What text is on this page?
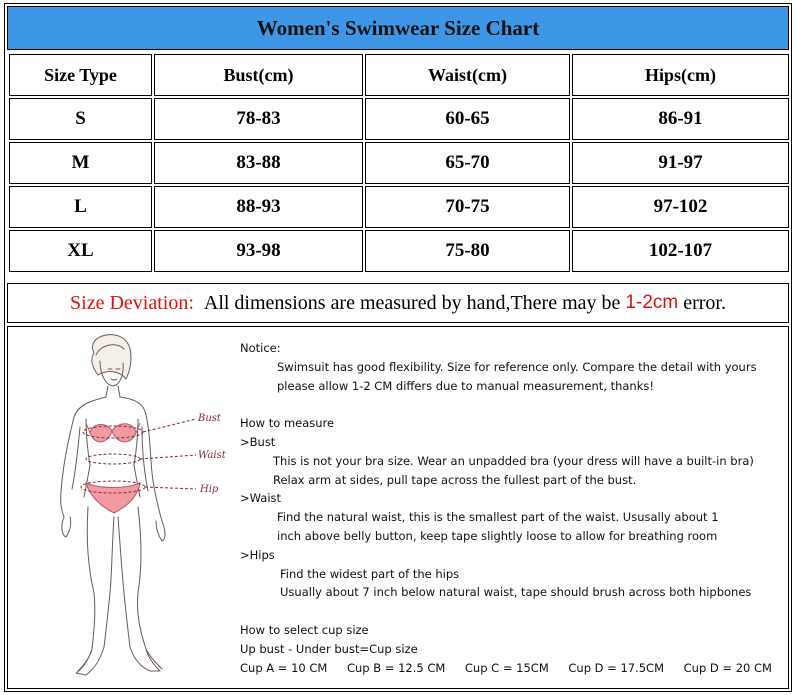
Women's Swimwear Size Chart
Size Type	Bust(cm)	Waist(cm)	Hips(cm)
S	78-83	60-65	86-91
M	83-88	65-70	91-97
L	88-93	70-75	97-102
XL	93-98	75-80	102-107
Size Deviation:
All dimensions are measured by hand,There may be
1-2cm
error.
Bust
Waist
Hip
Notice:
Swimsuit has good flexibility. Size for reference only. Compare the detail with yours
please allow 1-2 CM differs due to manual measurement, thanks!
How to measure
>Bust
This is not your bra size. Wear an unpadded bra (your dress will have a built-in bra)
Relax arm at sides, pull tape across the fullest part of the bust.
>Waist
Find the natural waist, this is the smallest part of the waist. Ususally about 1
inch above belly button, keep tape slightly loose to allow for breathing room
>Hips
Find the widest part of the hips
Usually about 7 inch below natural waist, tape should brush across both hipbones
How to select cup size
Up bust - Under bust=Cup size
Cup A = 10 CM Cup B = 12.5 CM Cup C = 15CM Cup D = 17.5CM Cup D = 20 CM
